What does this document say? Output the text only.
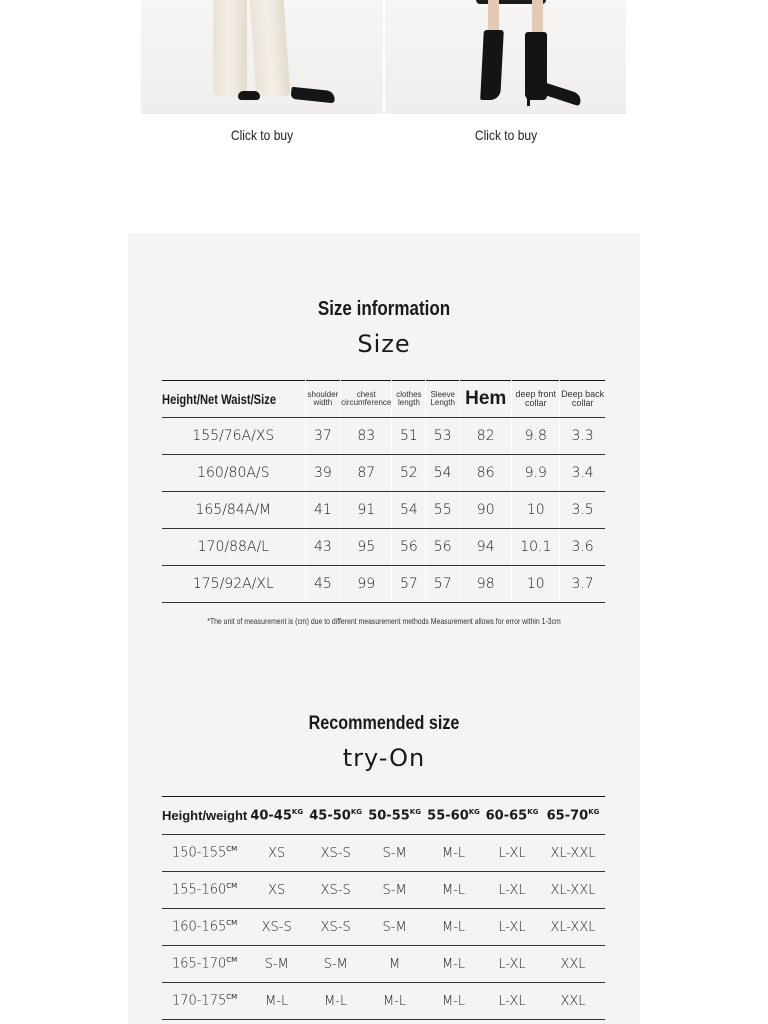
Click to buy	Click to buy
Size information
Size
Height/Net Waist/Size	shoulder width	chest circumference	clothes length	Sleeve Length	Hem	deep front collar	Deep back collar
155/76A/XS	37	83	51	53	82	9.8	3.3
160/80A/S	39	87	52	54	86	9.9	3.4
165/84A/M	41	91	54	55	90	10	3.5
170/88A/L	43	95	56	56	94	10.1	3.6
175/92A/XL	45	99	57	57	98	10	3.7
*The unit of measurement is (cm) due to different measurement methods Measurement allows for error within 1-3cm
Recommended size
try-On
Height/weight	$40-45^{KG}$	$45-50^{KG}$	$50-55^{KG}$	$55-60^{KG}$	$60-65^{KG}$	$65-70^{KG}$
$150-155^{CM}$	XS	XS-S	S-M	M-L	L-XL	XL-XXL
$155-160^{CM}$	XS	XS-S	S-M	M-L	L-XL	XL-XXL
$160-165^{CM}$	XS-S	XS-S	S-M	M-L	L-XL	XL-XXL
$165-170^{CM}$	S-M	S-M	M	M-L	L-XL	XXL
$170-175^{CM}$	M-L	M-L	M-L	M-L	L-XL	XXL
